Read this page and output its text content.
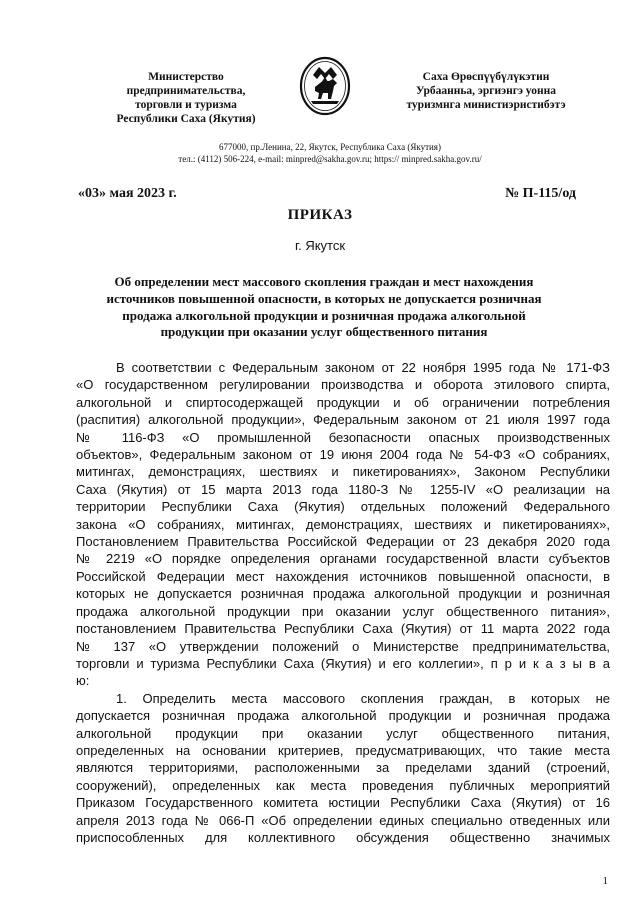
Министерство
предпринимательства,
торговли и туризма
Республики Саха (Якутия)
Саха Өрөспүүбүлүкэтин
Урбаанньа, эргиэнгэ уонна
туризмнга министиэристибэтэ
677000, пр.Ленина, 22, Якутск, Республика Саха (Якутия)
тел.: (4112) 506-224, e-mail: minpred@sakha.gov.ru; https:// minpred.sakha.gov.ru/
«03» мая 2023 г.	№ П-115/од
ПРИКАЗ
г. Якутск
Об определении мест массового скопления граждан и мест нахождения
источников повышенной опасности, в которых не допускается розничная
продажа алкогольной продукции и розничная продажа алкогольной
продукции при оказании услуг общественного питания
В соответствии с Федеральным законом от 22 ноября 1995 года № 171-ФЗ
«О государственном регулировании производства и оборота этилового спирта,
алкогольной и спиртосодержащей продукции и об ограничении потребления
(распития) алкогольной продукции», Федеральным законом от 21 июля 1997 года
№ 116-ФЗ «О промышленной безопасности опасных производственных
объектов», Федеральным законом от 19 июня 2004 года № 54-ФЗ «О собраниях,
митингах, демонстрациях, шествиях и пикетированиях», Законом Республики
Саха (Якутия) от 15 марта 2013 года 1180-З № 1255-IV «О реализации на
территории Республики Саха (Якутия) отдельных положений Федерального
закона «О собраниях, митингах, демонстрациях, шествиях и пикетированиях»,
Постановлением Правительства Российской Федерации от 23 декабря 2020 года
№ 2219 «О порядке определения органами государственной власти субъектов
Российской Федерации мест нахождения источников повышенной опасности, в
которых не допускается розничная продажа алкогольной продукции и розничная
продажа алкогольной продукции при оказании услуг общественного питания»,
постановлением Правительства Республики Саха (Якутия) от 11 марта 2022 года
№ 137 «О утверждении положений о Министерстве предпринимательства,
торговли и туризма Республики Саха (Якутия) и его коллегии», п р и к а з ы в а
ю:
1. Определить места массового скопления граждан, в которых не
допускается розничная продажа алкогольной продукции и розничная продажа
алкогольной продукции при оказании услуг общественного питания,
определенных на основании критериев, предусматривающих, что такие места
являются территориями, расположенными за пределами зданий (строений,
сооружений), определенных как места проведения публичных мероприятий
Приказом Государственного комитета юстиции Республики Саха (Якутия) от 16
апреля 2013 года № 066-П «Об определении единых специально отведенных или
приспособленных для коллективного обсуждения общественно значимых
1
